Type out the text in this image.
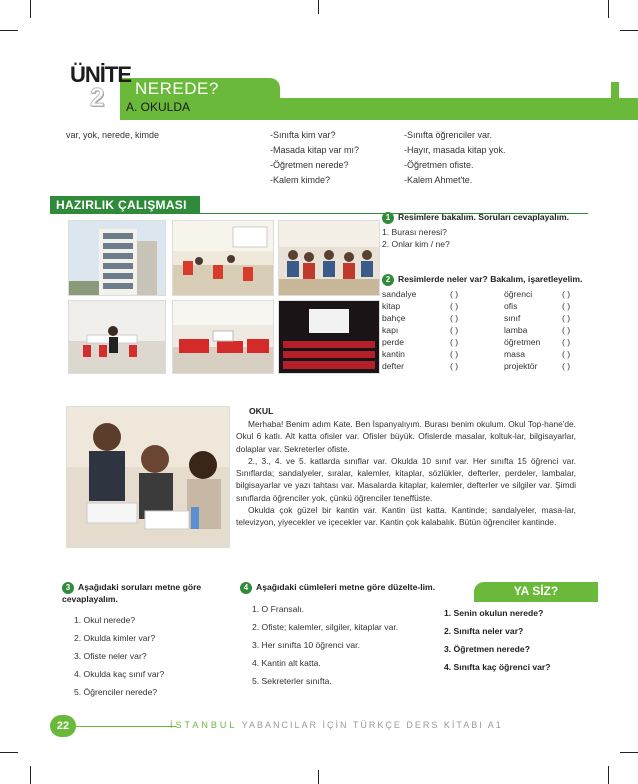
ÜNİTE
2 NEREDE?
A. OKULDA
var, yok, nerede, kimde	-Sınıfta kim var?
-Masada kitap var mı?
-Öğretmen nerede?
-Kalem kimde?
-Sınıfta öğrenciler var.
-Hayır, masada kitap yok.
-Öğretmen ofiste.
-Kalem Ahmet'te.
HAZIRLIK ÇALIŞMASI
1 Resimlere bakalım. Soruları cevaplayalım.
1. Burası neresi?
2. Onlar kim / ne?
2 Resimlerde neler var? Bakalım, işaretleyelim.
sandalye	( )	öğrenci	( )
kitap	( )	ofis	( )
bahçe	( )	sınıf	( )
kapı	( )	lamba	( )
perde	( )	öğretmen	( )
kantin	( )	masa	( )
defter	( )	projektör	( )
OKUL

Merhaba! Benim adım Kate. Ben İspanyalıyım. Burası benim okulum. Okul Top-hane'de. Okul 6 katlı. Alt katta ofisler var. Ofisler büyük. Ofislerde masalar, koltuk-lar, bilgisayarlar, dolaplar var. Sekreterler ofiste.

2., 3., 4. ve 5. katlarda sınıflar var. Okulda 10 sınıf var. Her sınıfta 15 öğrenci var. Sınıflarda; sandalyeler, sıralar, kalemler, kitaplar, sözlükler, defterler, perdeler, lambalar, bilgisayarlar ve yazı tahtası var. Masalarda kitaplar, kalemler, defterler ve silgiler var. Şimdi sınıflarda öğrenciler yok, çünkü öğrenciler teneffüste.

Okulda çok güzel bir kantin var. Kantin üst katta. Kantinde; sandalyeler, masa-lar, televizyon, yiyecekler ve içecekler var. Kantin çok kalabalık. Bütün öğrenciler kantinde.

3 Aşağıdaki soruları metne göre cevaplayalım.
1. Okul nerede?
2. Okulda kimler var?
3. Ofiste neler var?
4. Okulda kaç sınıf var?
5. Öğrenciler nerede?
4 Aşağıdaki cümleleri metne göre düzelte-lim.
1. O Fransalı.
2. Ofiste; kalemler, silgiler, kitaplar var.
3. Her sınıfta 10 öğrenci var.
4. Kantin alt katta.
5. Sekreterler sınıfta.
YA SİZ?
1. Senin okulun nerede?
2. Sınıfta neler var?
3. Öğretmen nerede?
4. Sınıfta kaç öğrenci var?
22	İSTANBUL YABANCILAR İÇİN TÜRKÇE DERS KİTABI A1
